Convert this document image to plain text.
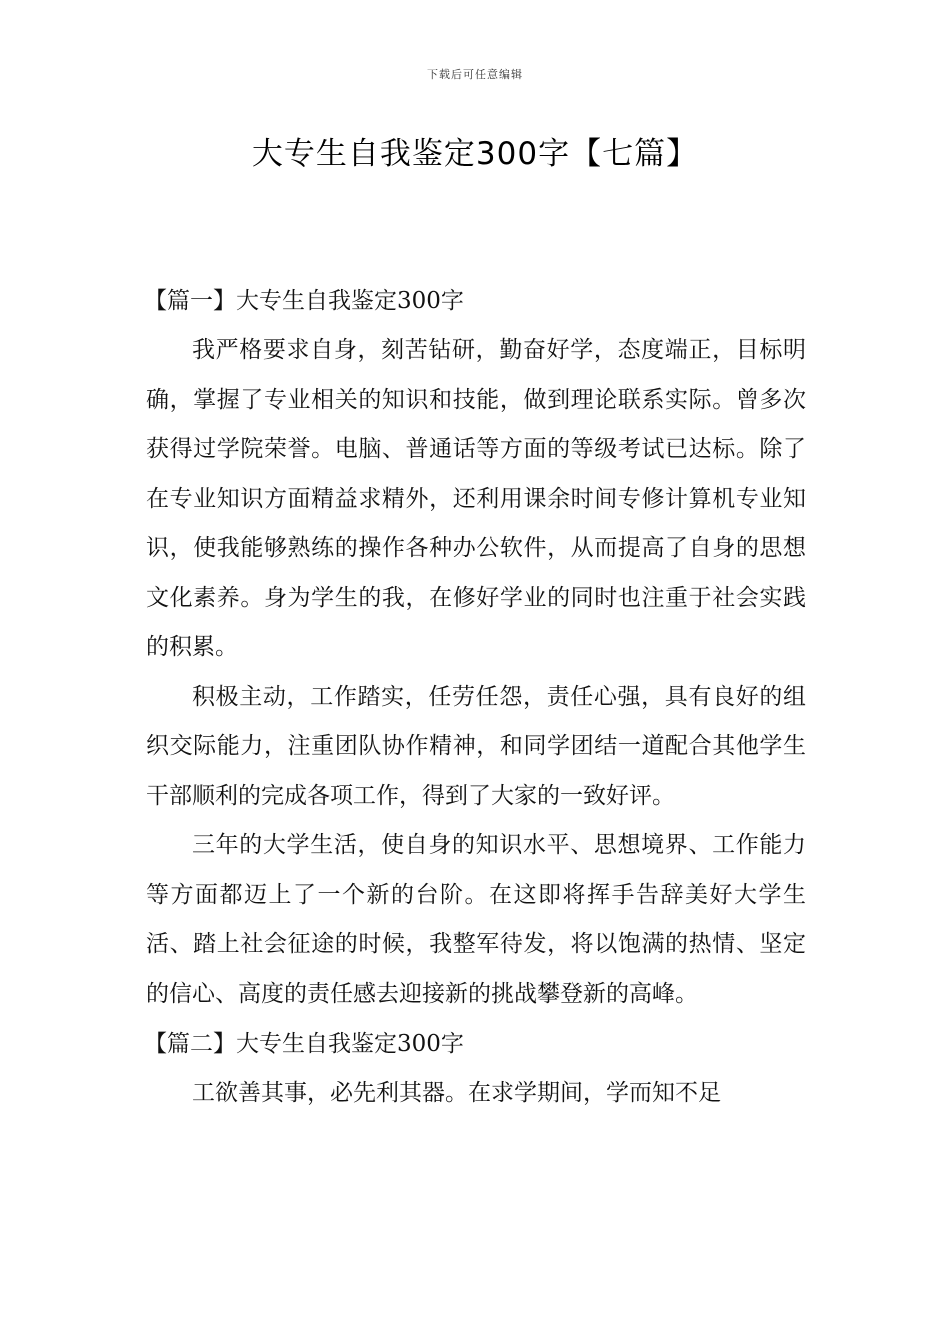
下载后可任意编辑
大专生自我鉴定300字【七篇】
【篇一】大专生自我鉴定300字

我严格要求自身，刻苦钻研，勤奋好学，态度端正，目标明确，掌握了专业相关的知识和技能，做到理论联系实际。曾多次获得过学院荣誉。电脑、普通话等方面的等级考试已达标。除了在专业知识方面精益求精外，还利用课余时间专修计算机专业知识，使我能够熟练的操作各种办公软件，从而提高了自身的思想文化素养。身为学生的我，在修好学业的同时也注重于社会实践的积累。

积极主动，工作踏实，任劳任怨，责任心强，具有良好的组织交际能力，注重团队协作精神，和同学团结一道配合其他学生干部顺利的完成各项工作，得到了大家的一致好评。

三年的大学生活，使自身的知识水平、思想境界、工作能力等方面都迈上了一个新的台阶。在这即将挥手告辞美好大学生活、踏上社会征途的时候，我整军待发，将以饱满的热情、坚定的信心、高度的责任感去迎接新的挑战攀登新的高峰。

【篇二】大专生自我鉴定300字

工欲善其事，必先利其器。在求学期间，学而知不足
